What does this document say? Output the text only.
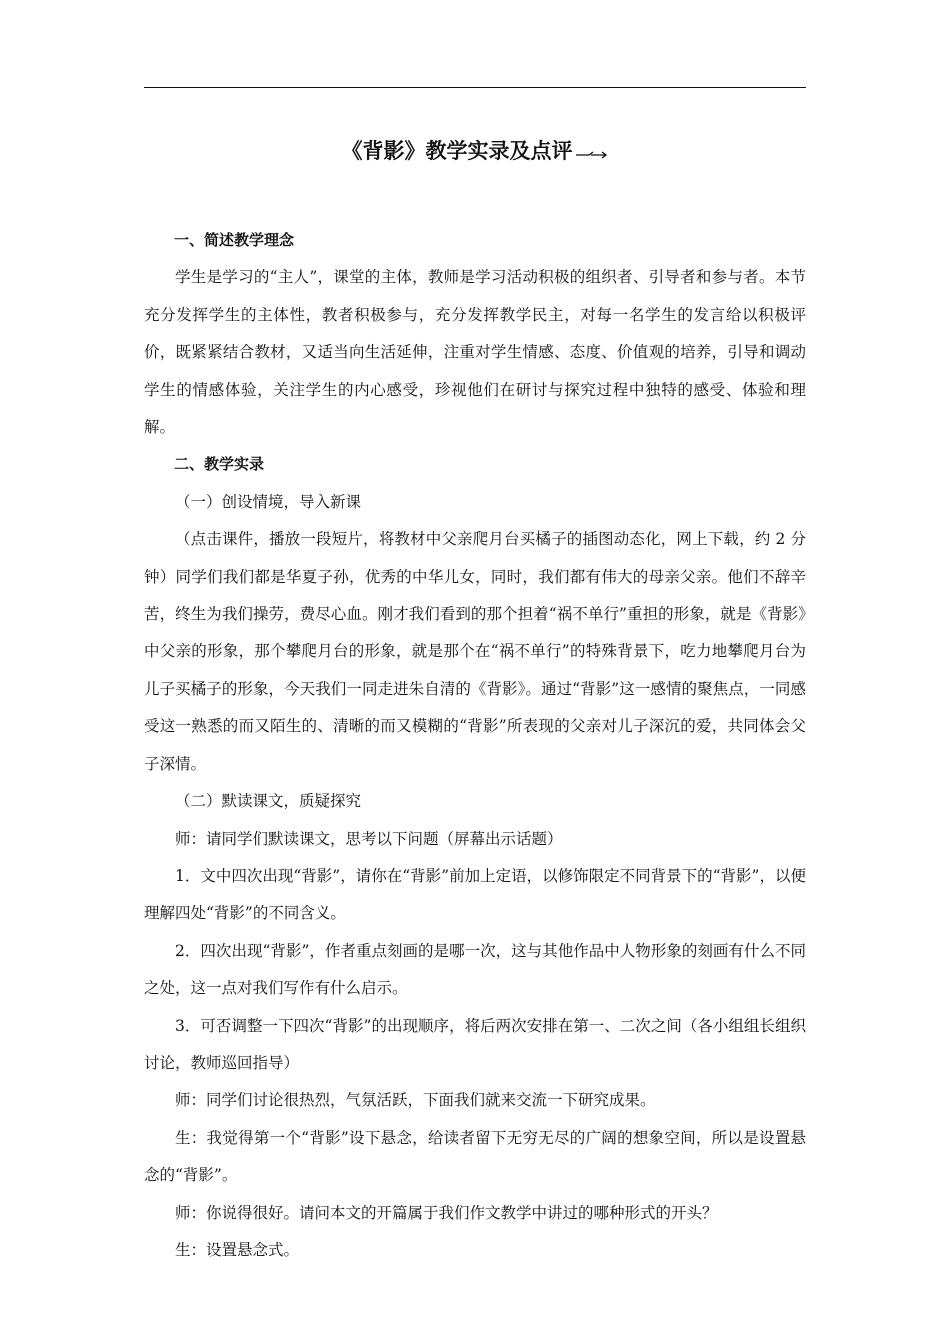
《背影》教学实录及点评

一、简述教学理念

学生是学习的“主人”，课堂的主体，教师是学习活动积极的组织者、引导者和参与者。本节充分发挥学生的主体性，教者积极参与，充分发挥教学民主，对每一名学生的发言给以积极评价，既紧紧结合教材，又适当向生活延伸，注重对学生情感、态度、价值观的培养，引导和调动学生的情感体验，关注学生的内心感受，珍视他们在研讨与探究过程中独特的感受、体验和理解。

二、教学实录

（一）创设情境，导入新课

（点击课件，播放一段短片，将教材中父亲爬月台买橘子的插图动态化，网上下载，约 2 分钟）同学们我们都是华夏子孙，优秀的中华儿女，同时，我们都有伟大的母亲父亲。他们不辞辛苦，终生为我们操劳，费尽心血。刚才我们看到的那个担着“祸不单行”重担的形象，就是《背影》中父亲的形象，那个攀爬月台的形象，就是那个在“祸不单行”的特殊背景下，吃力地攀爬月台为儿子买橘子的形象，今天我们一同走进朱自清的《背影》。通过“背影”这一感情的聚焦点，一同感受这一熟悉的而又陌生的、清晰的而又模糊的“背影”所表现的父亲对儿子深沉的爱，共同体会父子深情。

（二）默读课文，质疑探究

师：请同学们默读课文，思考以下问题（屏幕出示话题）

1．文中四次出现“背影”，请你在“背影”前加上定语，以修饰限定不同背景下的“背影”，以便理解四处“背影”的不同含义。

2．四次出现“背影”，作者重点刻画的是哪一次，这与其他作品中人物形象的刻画有什么不同之处，这一点对我们写作有什么启示。

3．可否调整一下四次“背影”的出现顺序，将后两次安排在第一、二次之间（各小组组长组织讨论，教师巡回指导）

师：同学们讨论很热烈，气氛活跃，下面我们就来交流一下研究成果。

生：我觉得第一个“背影”设下悬念，给读者留下无穷无尽的广阔的想象空间，所以是设置悬念的“背影”。

师：你说得很好。请问本文的开篇属于我们作文教学中讲过的哪种形式的开头？

生：设置悬念式。
